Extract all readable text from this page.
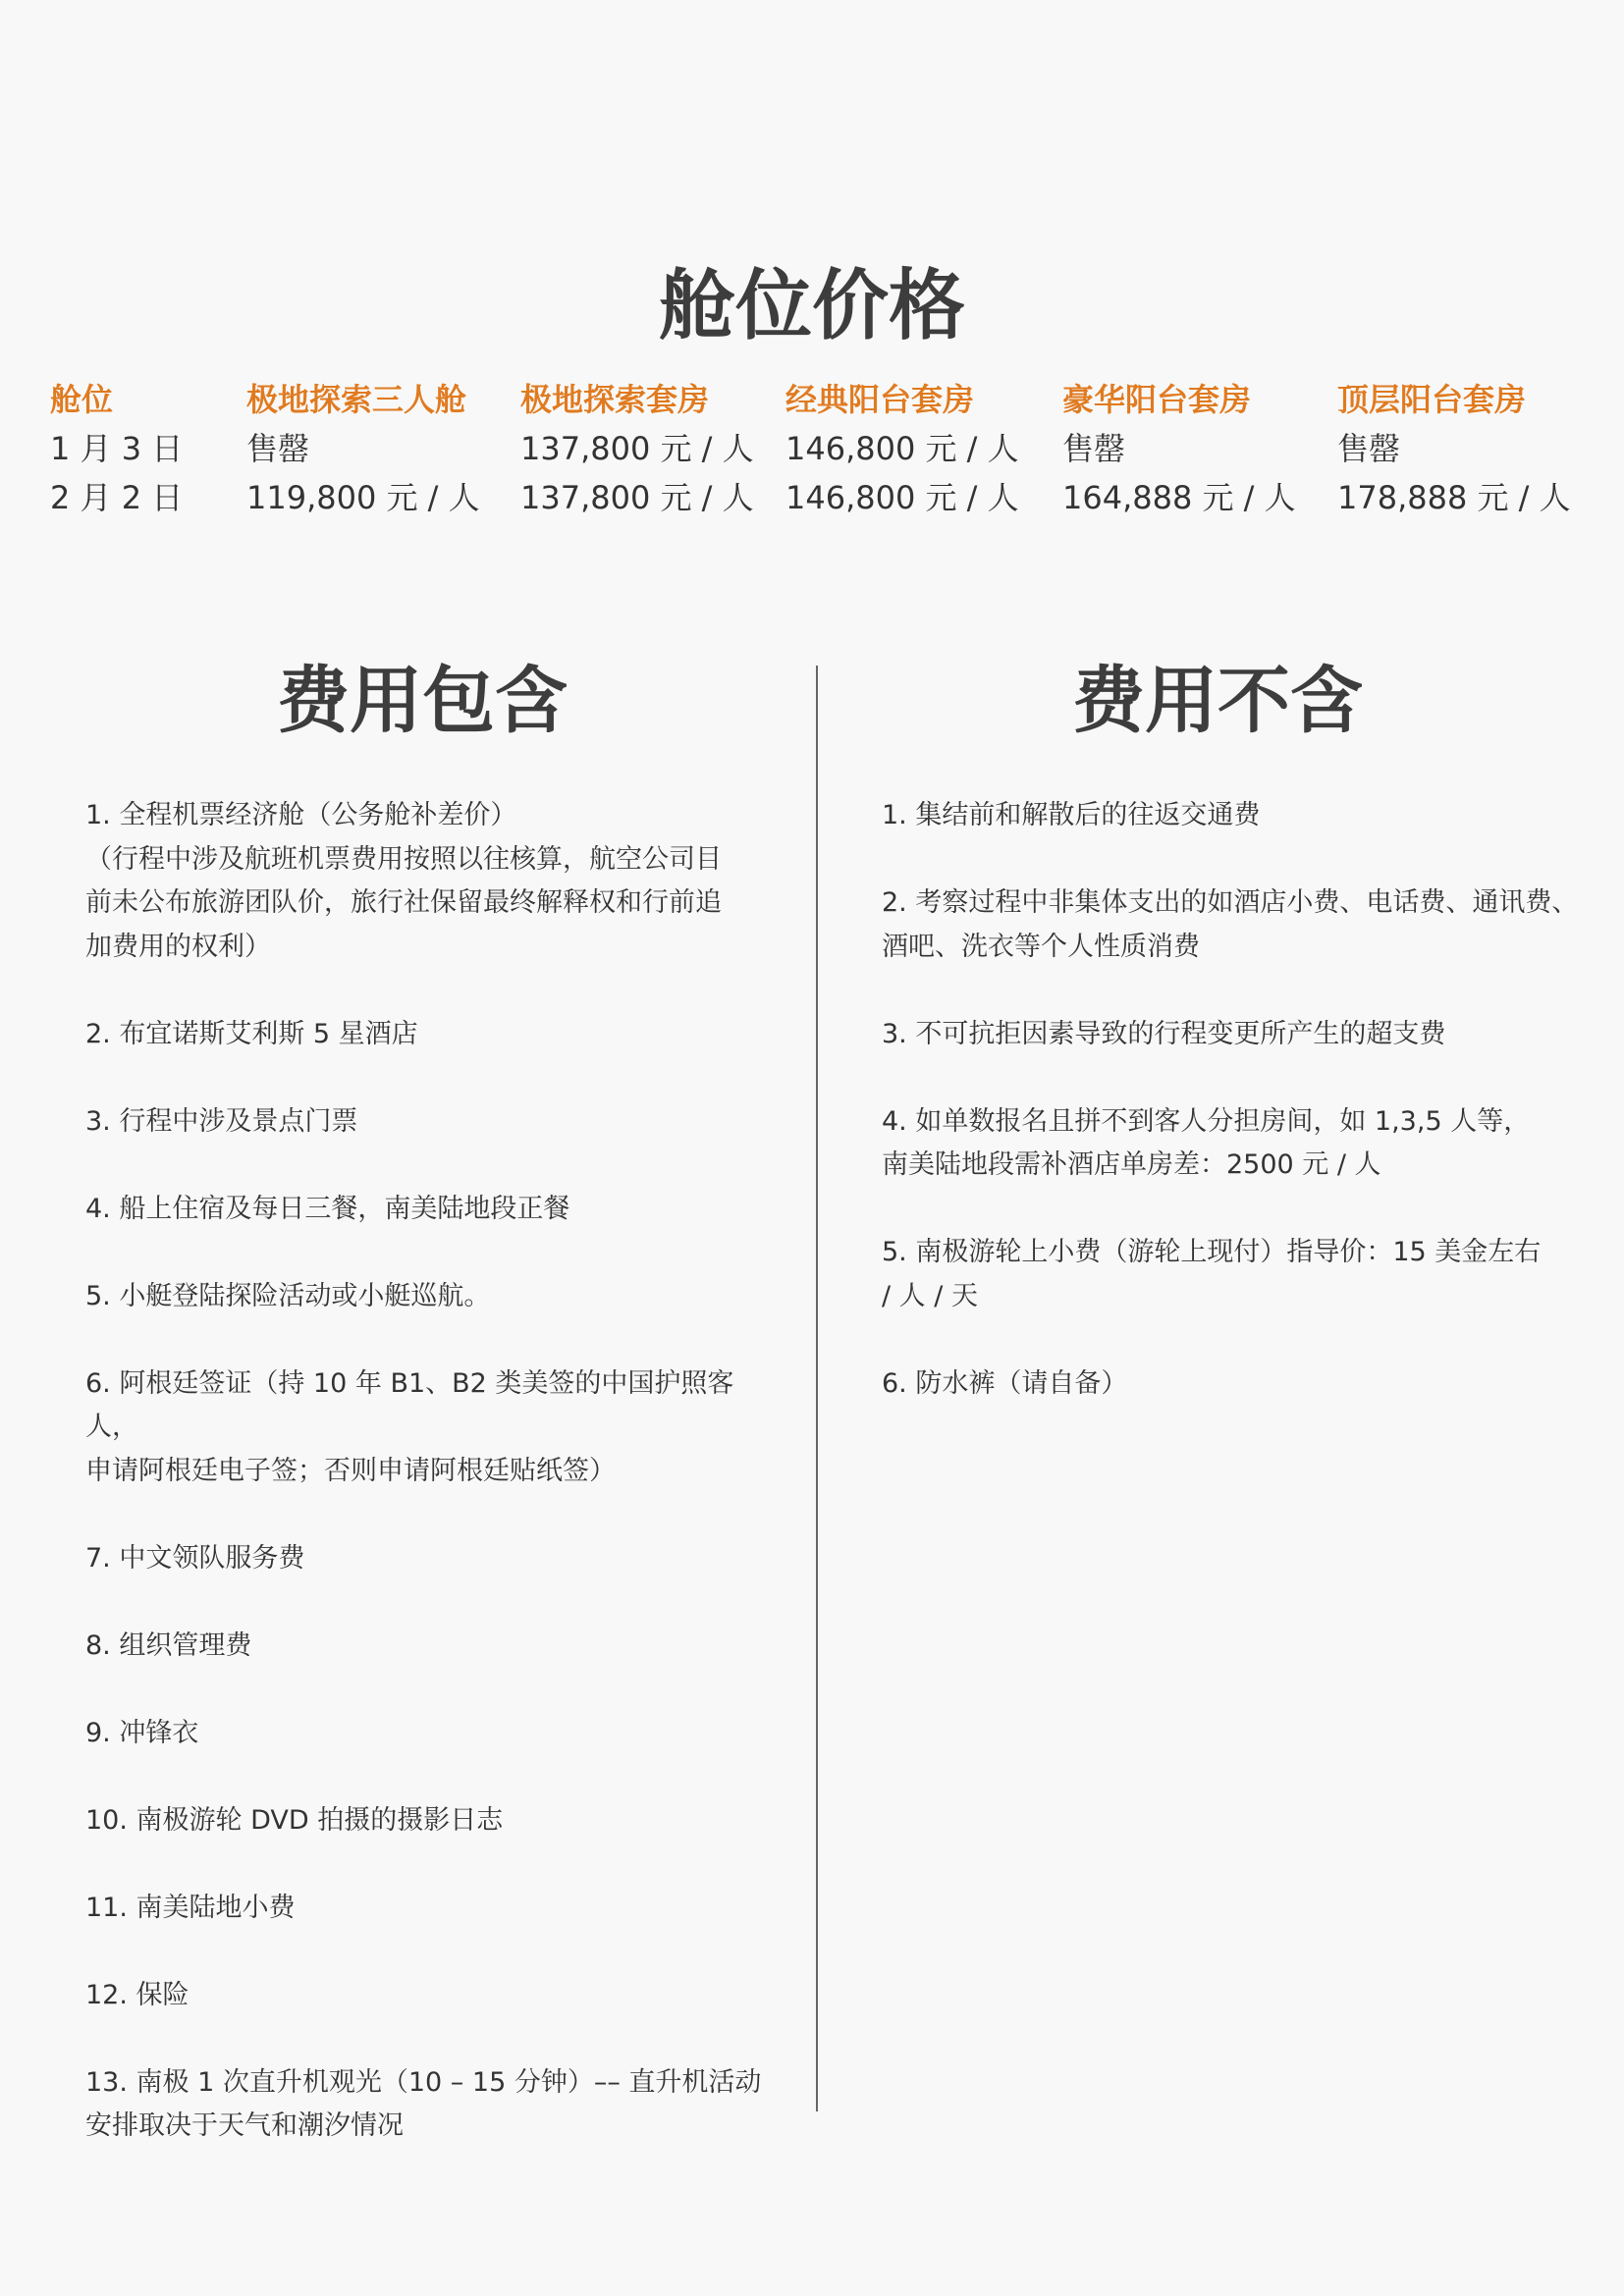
舱位价格
舱位	极地探索三人舱 极地探索套房 经典阳台套房	豪华阳台套房	顶层阳台套房
1 月 3 日 售罄	137,800 元 / 人 146,800 元 / 人 售罄	售罄
2 月 2 日 119,800 元 / 人 137,800 元 / 人 146,800 元 / 人 164,888 元 / 人 178,888 元 / 人
费用包含	费用不含
1. 全程机票经济舱（公务舱补差价）
（行程中涉及航班机票费用按照以往核算，航空公司目
前未公布旅游团队价，旅行社保留最终解释权和行前追
加费用的权利）
2. 布宜诺斯艾利斯 5 星酒店
3. 行程中涉及景点门票
4. 船上住宿及每日三餐，南美陆地段正餐
5. 小艇登陆探险活动或小艇巡航。
6. 阿根廷签证（持 10 年 B1、B2 类美签的中国护照客人，
申请阿根廷电子签；否则申请阿根廷贴纸签）
7. 中文领队服务费
8. 组织管理费
9. 冲锋衣
10. 南极游轮 DVD 拍摄的摄影日志
11. 南美陆地小费
12. 保险
13. 南极 1 次直升机观光（10 – 15 分钟）–– 直升机活动
安排取决于天气和潮汐情况
1. 集结前和解散后的往返交通费
2. 考察过程中非集体支出的如酒店小费、电话费、通讯费、
酒吧、洗衣等个人性质消费
3. 不可抗拒因素导致的行程变更所产生的超支费
4. 如单数报名且拼不到客人分担房间，如 1,3,5 人等，
南美陆地段需补酒店单房差：2500 元 / 人
5. 南极游轮上小费（游轮上现付）指导价：15 美金左右
/ 人 / 天
6. 防水裤（请自备）
